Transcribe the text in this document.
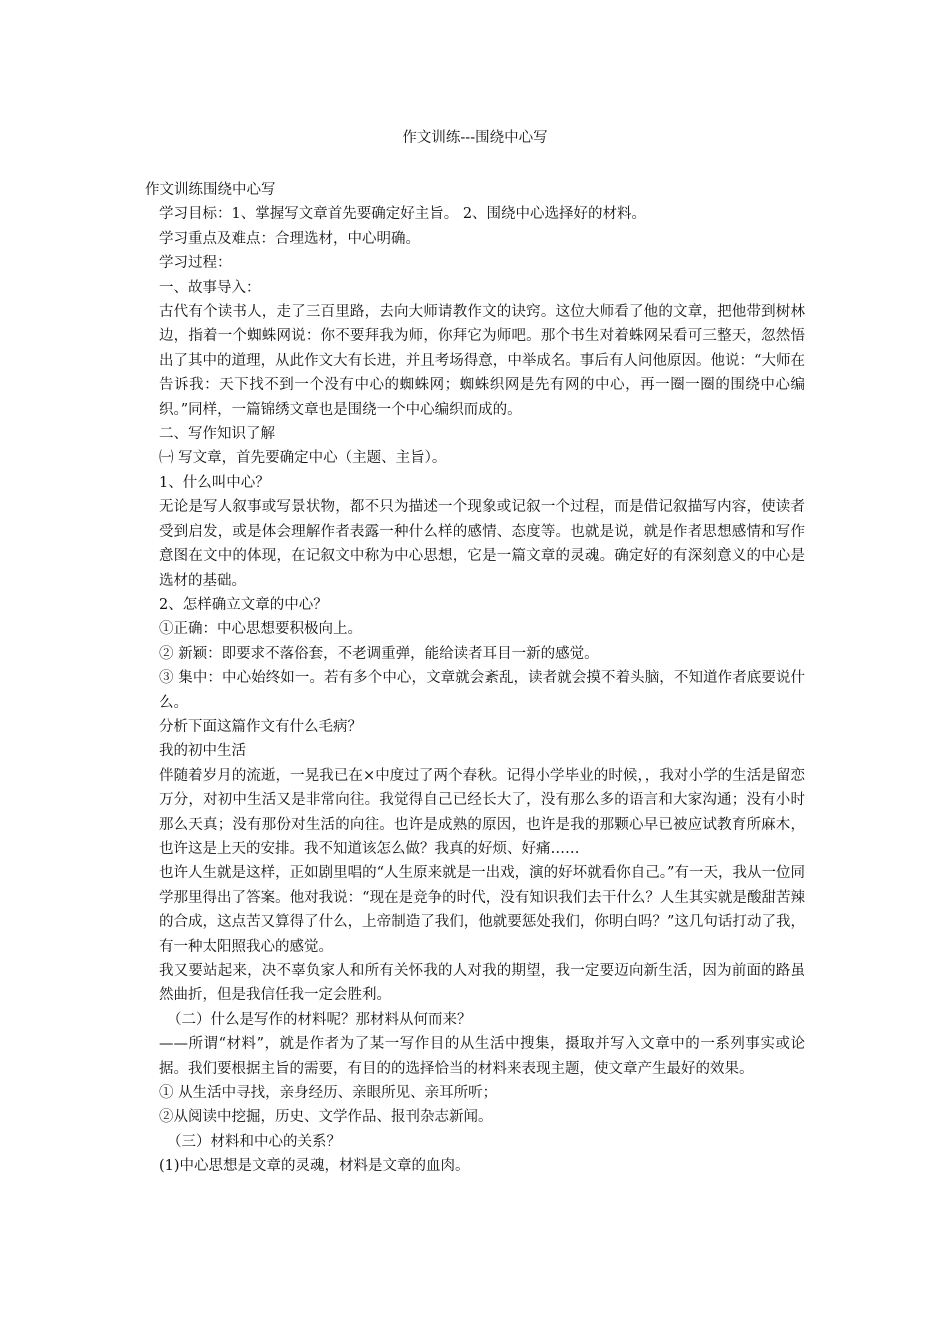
作文训练---围绕中心写

作文训练围绕中心写

学习目标：1、掌握写文章首先要确定好主旨。 2、围绕中心选择好的材料。

学习重点及难点：合理选材，中心明确。

学习过程：

一、故事导入：

古代有个读书人，走了三百里路，去向大师请教作文的诀窍。这位大师看了他的文章，把他带到树林边，指着一个蜘蛛网说：你不要拜我为师，你拜它为师吧。那个书生对着蛛网呆看可三整天，忽然悟出了其中的道理，从此作文大有长进，并且考场得意，中举成名。事后有人问他原因。他说：“大师在告诉我：天下找不到一个没有中心的蜘蛛网；蜘蛛织网是先有网的中心，再一圈一圈的围绕中心编织。”同样，一篇锦绣文章也是围绕一个中心编织而成的。

二、写作知识了解

㈠ 写文章，首先要确定中心（主题、主旨）。

1、什么叫中心？

无论是写人叙事或写景状物，都不只为描述一个现象或记叙一个过程，而是借记叙描写内容，使读者受到启发，或是体会理解作者表露一种什么样的感情、态度等。也就是说，就是作者思想感情和写作意图在文中的体现，在记叙文中称为中心思想，它是一篇文章的灵魂。确定好的有深刻意义的中心是选材的基础。

2、怎样确立文章的中心？

①正确：中心思想要积极向上。

② 新颖：即要求不落俗套，不老调重弹，能给读者耳目一新的感觉。

③ 集中：中心始终如一。若有多个中心，文章就会紊乱，读者就会摸不着头脑，不知道作者底要说什么。

分析下面这篇作文有什么毛病？

我的初中生活

伴随着岁月的流逝，一晃我已在×中度过了两个春秋。记得小学毕业的时候，，我对小学的生活是留恋万分，对初中生活又是非常向往。我觉得自己已经长大了，没有那么多的语言和大家沟通；没有小时那么天真；没有那份对生活的向往。也许是成熟的原因，也许是我的那颗心早已被应试教育所麻木，也许这是上天的安排。我不知道该怎么做？我真的好烦、好痛……

也许人生就是这样，正如剧里唱的“人生原来就是一出戏，演的好坏就看你自己。”有一天，我从一位同学那里得出了答案。他对我说：“现在是竞争的时代，没有知识我们去干什么？人生其实就是酸甜苦辣的合成，这点苦又算得了什么，上帝制造了我们，他就要惩处我们，你明白吗？”这几句话打动了我，有一种太阳照我心的感觉。

我又要站起来，决不辜负家人和所有关怀我的人对我的期望，我一定要迈向新生活，因为前面的路虽然曲折，但是我信任我一定会胜利。

（二）什么是写作的材料呢？那材料从何而来？

——所谓“材料”，就是作者为了某一写作目的从生活中搜集，摄取并写入文章中的一系列事实或论据。我们要根据主旨的需要，有目的的选择恰当的材料来表现主题，使文章产生最好的效果。

① 从生活中寻找，亲身经历、亲眼所见、亲耳所听；

②从阅读中挖掘，历史、文学作品、报刊杂志新闻。

（三）材料和中心的关系？

(1)中心思想是文章的灵魂，材料是文章的血肉。
